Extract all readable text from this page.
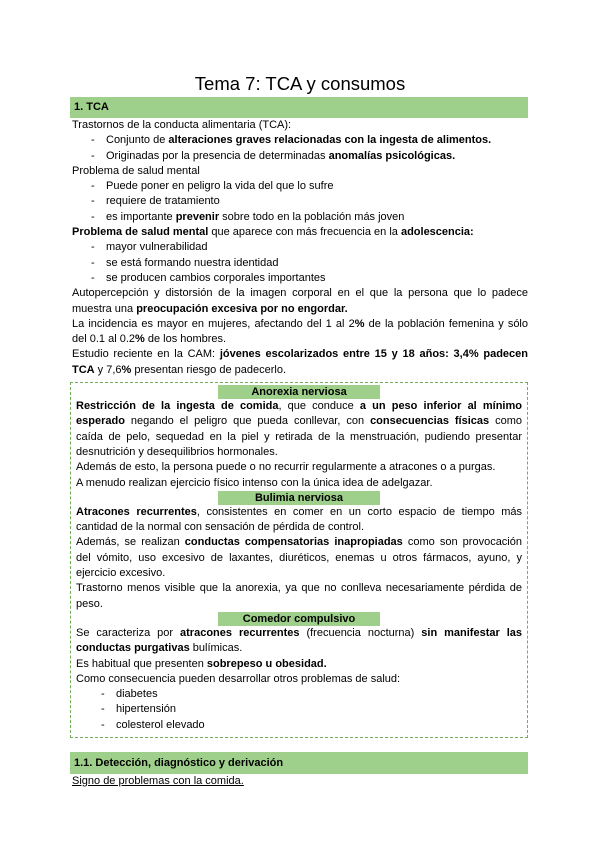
Tema 7: TCA y consumos
1. TCA
Trastornos de la conducta alimentaria (TCA):
- Conjunto de alteraciones graves relacionadas con la ingesta de alimentos.
- Originadas por la presencia de determinadas anomalías psicológicas.
Problema de salud mental
- Puede poner en peligro la vida del que lo sufre
- requiere de tratamiento
- es importante prevenir sobre todo en la población más joven
Problema de salud mental que aparece con más frecuencia en la adolescencia:
- mayor vulnerabilidad
- se está formando nuestra identidad
- se producen cambios corporales importantes
Autopercepción y distorsión de la imagen corporal en el que la persona que lo padece muestra una preocupación excesiva por no engordar.
La incidencia es mayor en mujeres, afectando del 1 al 2% de la población femenina y sólo del 0.1 al 0.2% de los hombres.
Estudio reciente en la CAM: jóvenes escolarizados entre 15 y 18 años: 3,4% padecen TCA y 7,6% presentan riesgo de padecerlo.
Anorexia nerviosa
Restricción de la ingesta de comida, que conduce a un peso inferior al mínimo esperado negando el peligro que pueda conllevar, con consecuencias físicas como caída de pelo, sequedad en la piel y retirada de la menstruación, pudiendo presentar desnutrición y desequilibrios hormonales.
Además de esto, la persona puede o no recurrir regularmente a atracones o a purgas.
A menudo realizan ejercicio físico intenso con la única idea de adelgazar.
Bulimia nerviosa
Atracones recurrentes, consistentes en comer en un corto espacio de tiempo más cantidad de la normal con sensación de pérdida de control.
Además, se realizan conductas compensatorias inapropiadas como son provocación del vómito, uso excesivo de laxantes, diuréticos, enemas u otros fármacos, ayuno, y ejercicio excesivo.
Trastorno menos visible que la anorexia, ya que no conlleva necesariamente pérdida de peso.
Comedor compulsivo
Se caracteriza por atracones recurrentes (frecuencia nocturna) sin manifestar las conductas purgativas bulímicas.
Es habitual que presenten sobrepeso u obesidad.
Como consecuencia pueden desarrollar otros problemas de salud:
- diabetes
- hipertensión
- colesterol elevado
1.1. Detección, diagnóstico y derivación
Signo de problemas con la comida.
